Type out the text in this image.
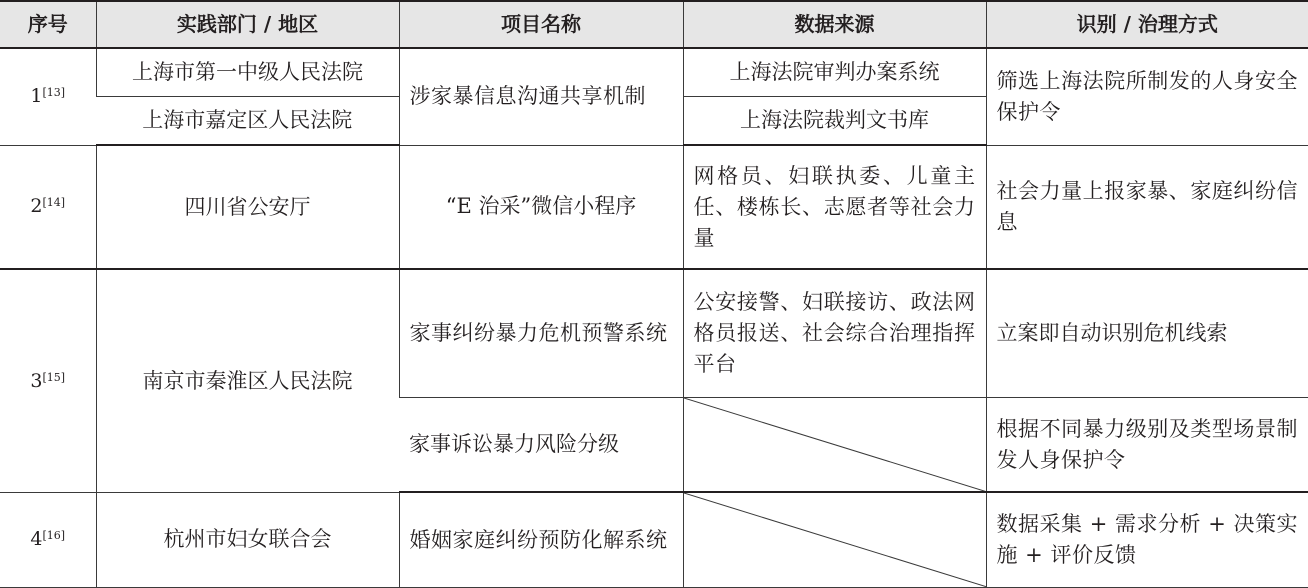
序号	实践部门 / 地区	项目名称	数据来源	识别 / 治理方式
1[13]	上海市第一中级人民法院	涉家暴信息沟通共享机制	上海法院审判办案系统	筛选上海法院所制发的人身安全保护令
	上海市嘉定区人民法院		上海法院裁判文书库	
2[14]	四川省公安厅	“E 治采”微信小程序	网格员、妇联执委、儿童主任、楼栋长、志愿者等社会力量	社会力量上报家暴、家庭纠纷信息
3[15]	南京市秦淮区人民法院	家事纠纷暴力危机预警系统	公安接警、妇联接访、政法网格员报送、社会综合治理指挥平台	立案即自动识别危机线索
		家事诉讼暴力风险分级		根据不同暴力级别及类型场景制发人身保护令
4[16]	杭州市妇女联合会	婚姻家庭纠纷预防化解系统		数据采集 + 需求分析 + 决策实施 + 评价反馈
